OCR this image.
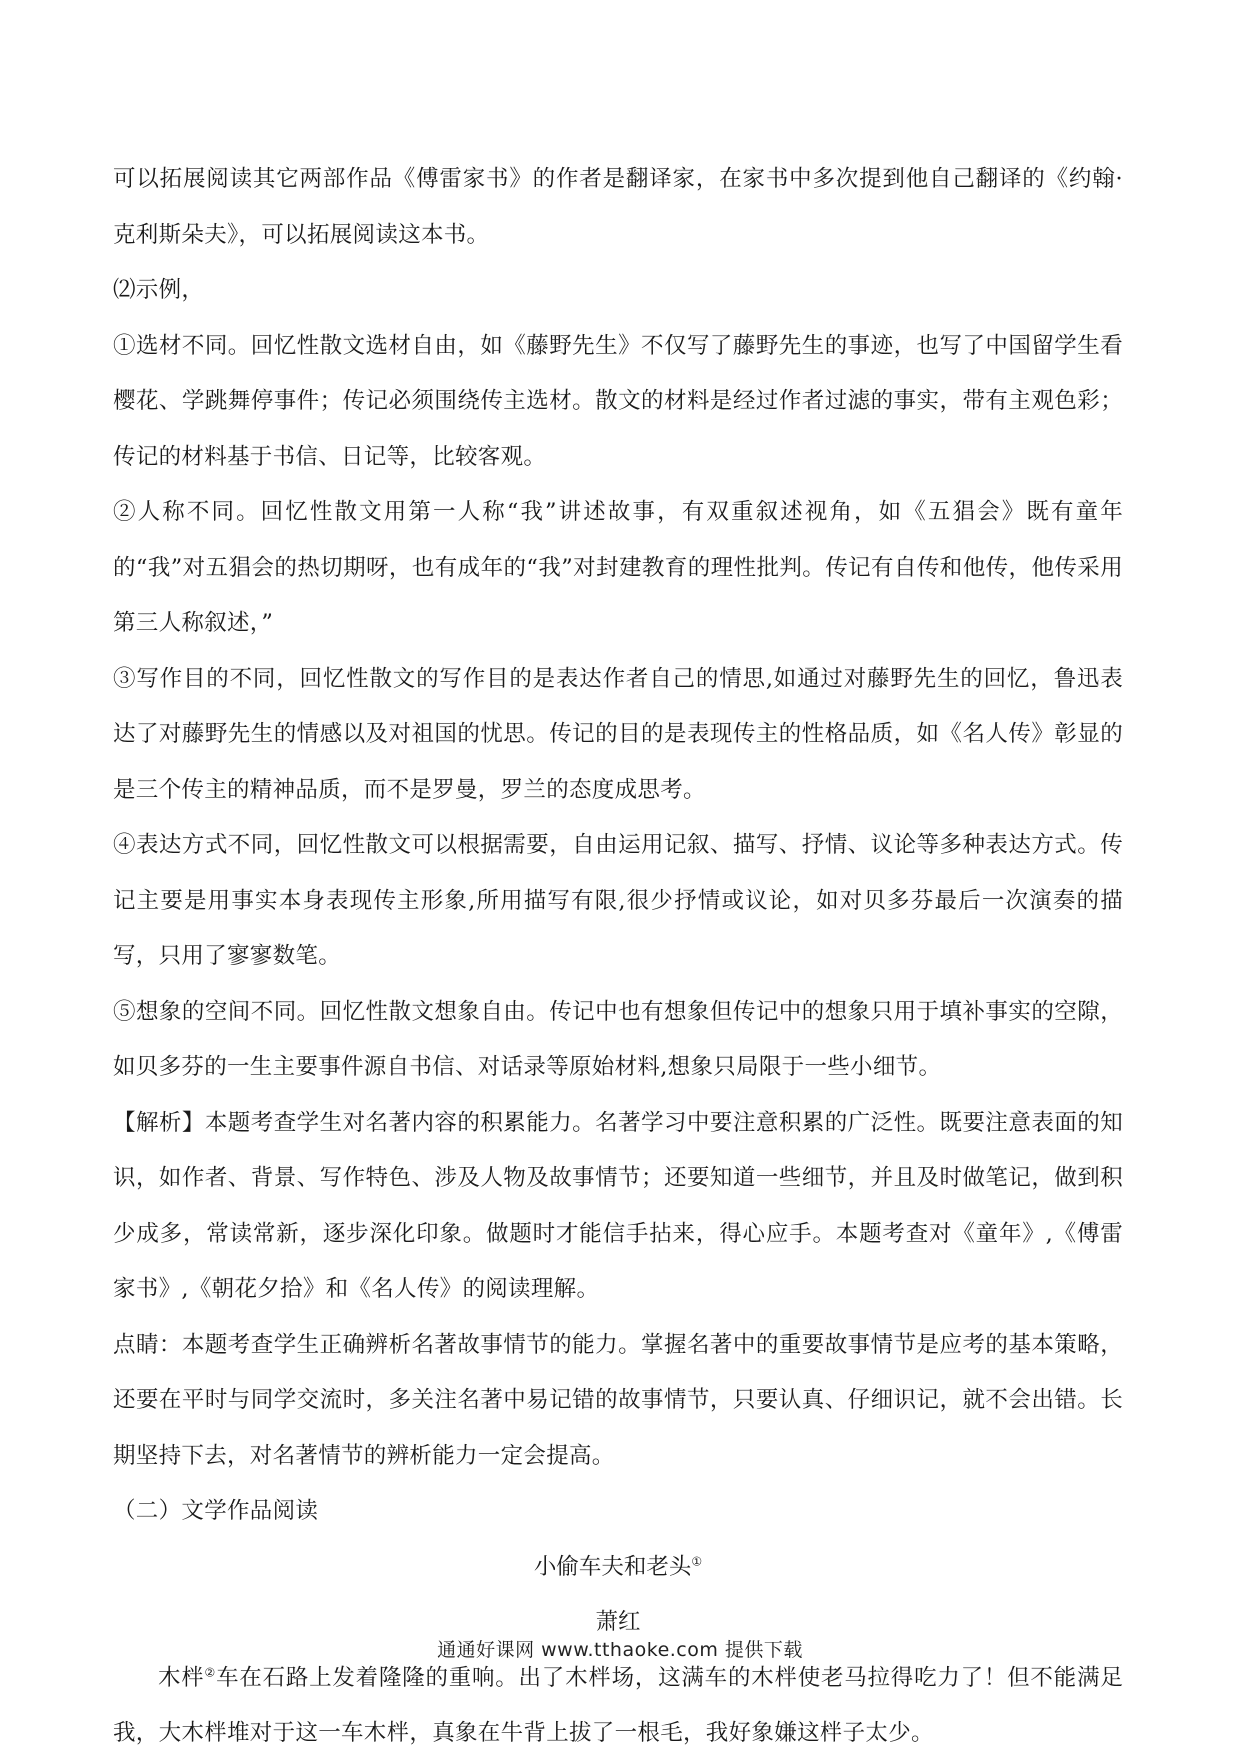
可以拓展阅读其它两部作品《傅雷家书》的作者是翻译家，在家书中多次提到他自己翻译的《约翰·克利斯朵夫》，可以拓展阅读这本书。

⑵示例，

①选材不同。回忆性散文选材自由，如《藤野先生》不仅写了藤野先生的事迹，也写了中国留学生看樱花、学跳舞停事件；传记必须围绕传主选材。散文的材料是经过作者过滤的事实，带有主观色彩；传记的材料基于书信、日记等，比较客观。

②人称不同。回忆性散文用第一人称“我”讲述故事，有双重叙述视角，如《五猖会》既有童年的“我”对五猖会的热切期呀，也有成年的“我”对封建教育的理性批判。传记有自传和他传，他传采用第三人称叙述，”

③写作目的不同，回忆性散文的写作目的是表达作者自己的情思,如通过对藤野先生的回忆，鲁迅表达了对藤野先生的情感以及对祖国的忧思。传记的目的是表现传主的性格品质，如《名人传》彰显的是三个传主的精神品质，而不是罗曼，罗兰的态度成思考。

④表达方式不同，回忆性散文可以根据需要，自由运用记叙、描写、抒情、议论等多种表达方式。传记主要是用事实本身表现传主形象,所用描写有限,很少抒情或议论，如对贝多芬最后一次演奏的描写，只用了寥寥数笔。

⑤想象的空间不同。回忆性散文想象自由。传记中也有想象但传记中的想象只用于填补事实的空隙，如贝多芬的一生主要事件源自书信、对话录等原始材料,想象只局限于一些小细节。

【解析】本题考查学生对名著内容的积累能力。名著学习中要注意积累的广泛性。既要注意表面的知识，如作者、背景、写作特色、涉及人物及故事情节；还要知道一些细节，并且及时做笔记，做到积少成多，常读常新，逐步深化印象。做题时才能信手拈来，得心应手。本题考查对《童年》,《傅雷家书》,《朝花夕拾》和《名人传》的阅读理解。

点睛：本题考查学生正确辨析名著故事情节的能力。掌握名著中的重要故事情节是应考的基本策略，还要在平时与同学交流时，多关注名著中易记错的故事情节，只要认真、仔细识记，就不会出错。长期坚持下去，对名著情节的辨析能力一定会提高。

（二）文学作品阅读

小偷车夫和老头①

萧红

木柈②车在石路上发着隆隆的重响。出了木柈场，这满车的木柈使老马拉得吃力了！但不能满足我，大木柈堆对于这一车木柈，真象在牛背上拔了一根毛，我好象嫌这柈子太少。

通通好课网 www.tthaoke.com 提供下载
